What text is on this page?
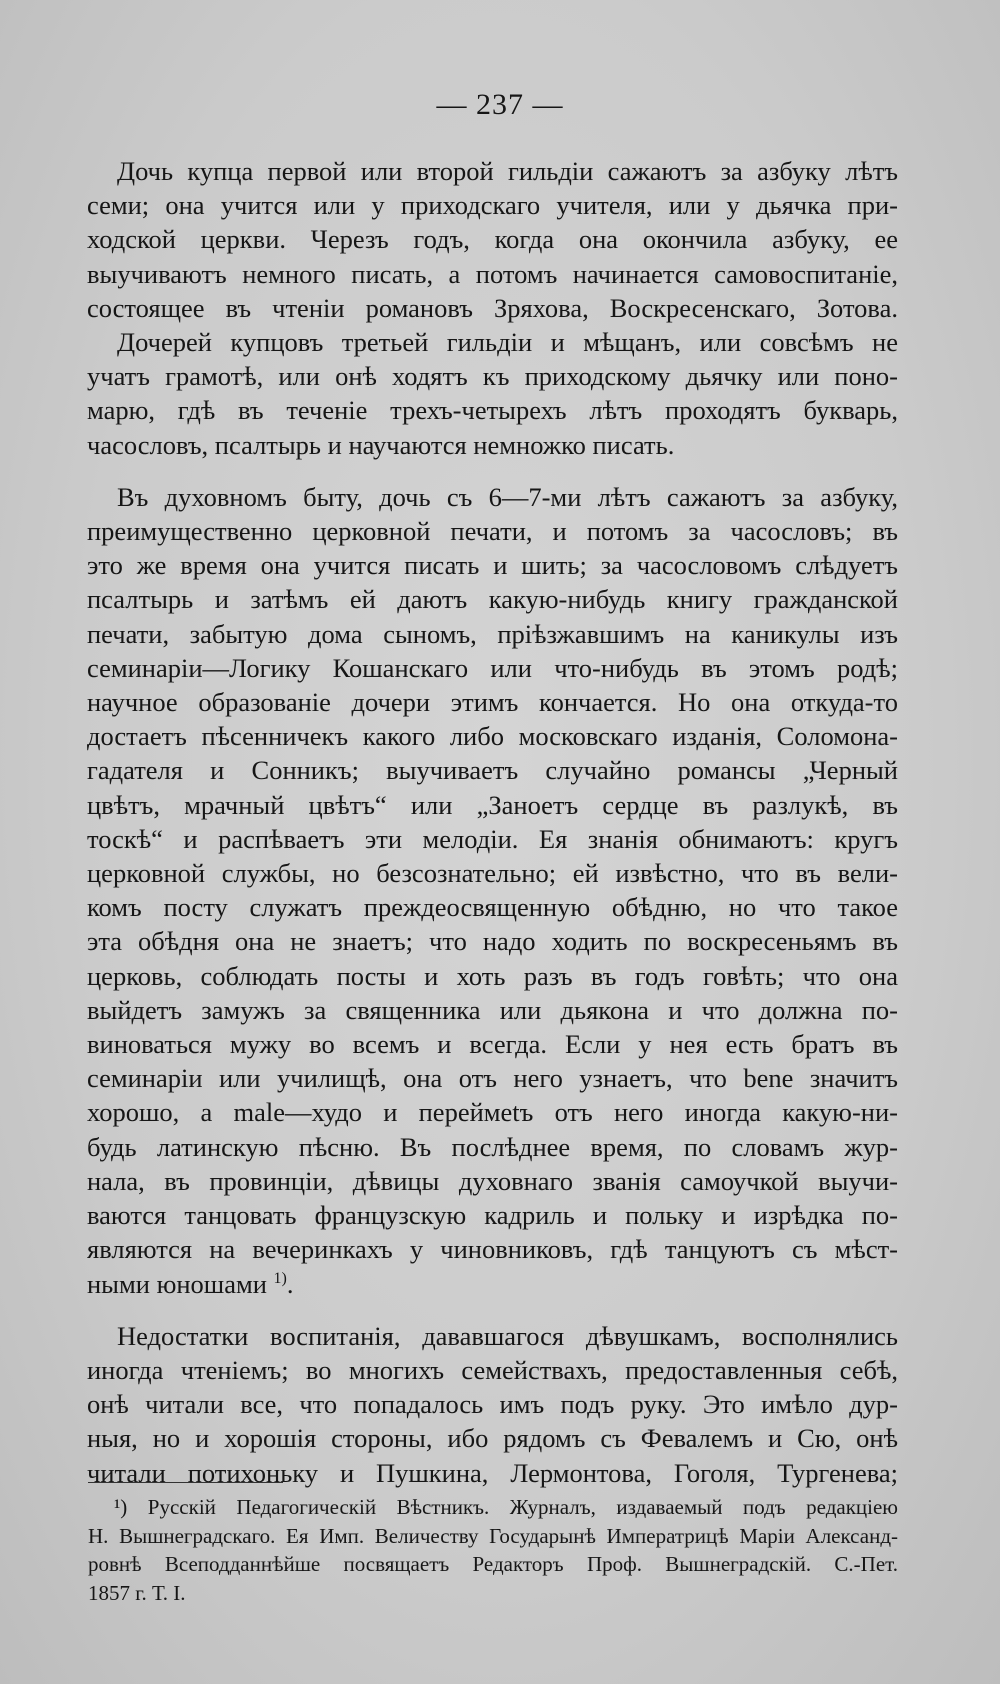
— 237 —
Дочь купца первой или второй гильдіи сажаютъ за азбуку лѣтъ
семи; она учится или у приходскаго учителя, или у дьячка при-
ходской церкви. Черезъ годъ, когда она окончила азбуку, ее
выучиваютъ немного писать, а потомъ начинается самовоспитаніе,
состоящее въ чтеніи романовъ Зряхова, Воскресенскаго, Зотова.
Дочерей купцовъ третьей гильдіи и мѣщанъ, или совсѣмъ не
учатъ грамотѣ, или онѣ ходятъ къ приходскому дьячку или поно-
марю, гдѣ въ теченіе трехъ-четырехъ лѣтъ проходятъ букварь,
часословъ, псалтырь и научаются немножко писать.
Въ духовномъ быту, дочь съ 6—7-ми лѣтъ сажаютъ за азбуку,
преимущественно церковной печати, и потомъ за часословъ; въ
это же время она учится писать и шить; за часословомъ слѣдуетъ
псалтырь и затѣмъ ей даютъ какую-нибудь книгу гражданской
печати, забытую дома сыномъ, пріѣзжавшимъ на каникулы изъ
семинаріи—Логику Кошанскаго или что-нибудь въ этомъ родѣ;
научное образованіе дочери этимъ кончается. Но она откуда-то
достаетъ пѣсенничекъ какого либо московскаго изданія, Соломона-
гадателя и Сонникъ; выучиваетъ случайно романсы „Черный
цвѣтъ, мрачный цвѣтъ“ или „Заноетъ сердце въ разлукѣ, въ
тоскѣ“ и распѣваетъ эти мелодіи. Ея знанія обнимаютъ: кругъ
церковной службы, но безсознательно; ей извѣстно, что въ вели-
комъ посту служатъ преждеосвященную обѣдню, но что такое
эта обѣдня она не знаетъ; что надо ходить по воскресеньямъ въ
церковь, соблюдать посты и хоть разъ въ годъ говѣть; что она
выйдетъ замужъ за священника или дьякона и что должна по-
виноваться мужу во всемъ и всегда. Если у нея есть братъ въ
семинаріи или училищѣ, она отъ него узнаетъ, что bene значитъ
хорошо, а male—худо и переймetъ отъ него иногда какую-ни-
будь латинскую пѣсню. Въ послѣднее время, по словамъ жур-
нала, въ провинціи, дѣвицы духовнаго званія самоучкой выучи-
ваются танцовать французскую кадриль и польку и изрѣдка по-
являются на вечеринкахъ у чиновниковъ, гдѣ танцуютъ съ мѣст-
ными юношами $^{1)}$.
Недостатки воспитанія, дававшагося дѣвушкамъ, восполнялись
иногда чтеніемъ; во многихъ семействахъ, предоставленныя себѣ,
онѣ читали все, что попадалось имъ подъ руку. Это имѣло дур-
ныя, но и хорошія стороны, ибо рядомъ съ Февалемъ и Сю, онѣ
читали потихоньку и Пушкина, Лермонтова, Гоголя, Тургенева;
¹) Русскій Педагогическій Вѣстникъ. Журналъ, издаваемый подъ редакціею
Н. Вышнеградскаго. Ея Имп. Величеству Государынѣ Императрицѣ Маріи Александ-
ровнѣ Всеподданнѣйше посвящаетъ Редакторъ Проф. Вышнеградскій. С.-Пет.
1857 г. Т. I.
